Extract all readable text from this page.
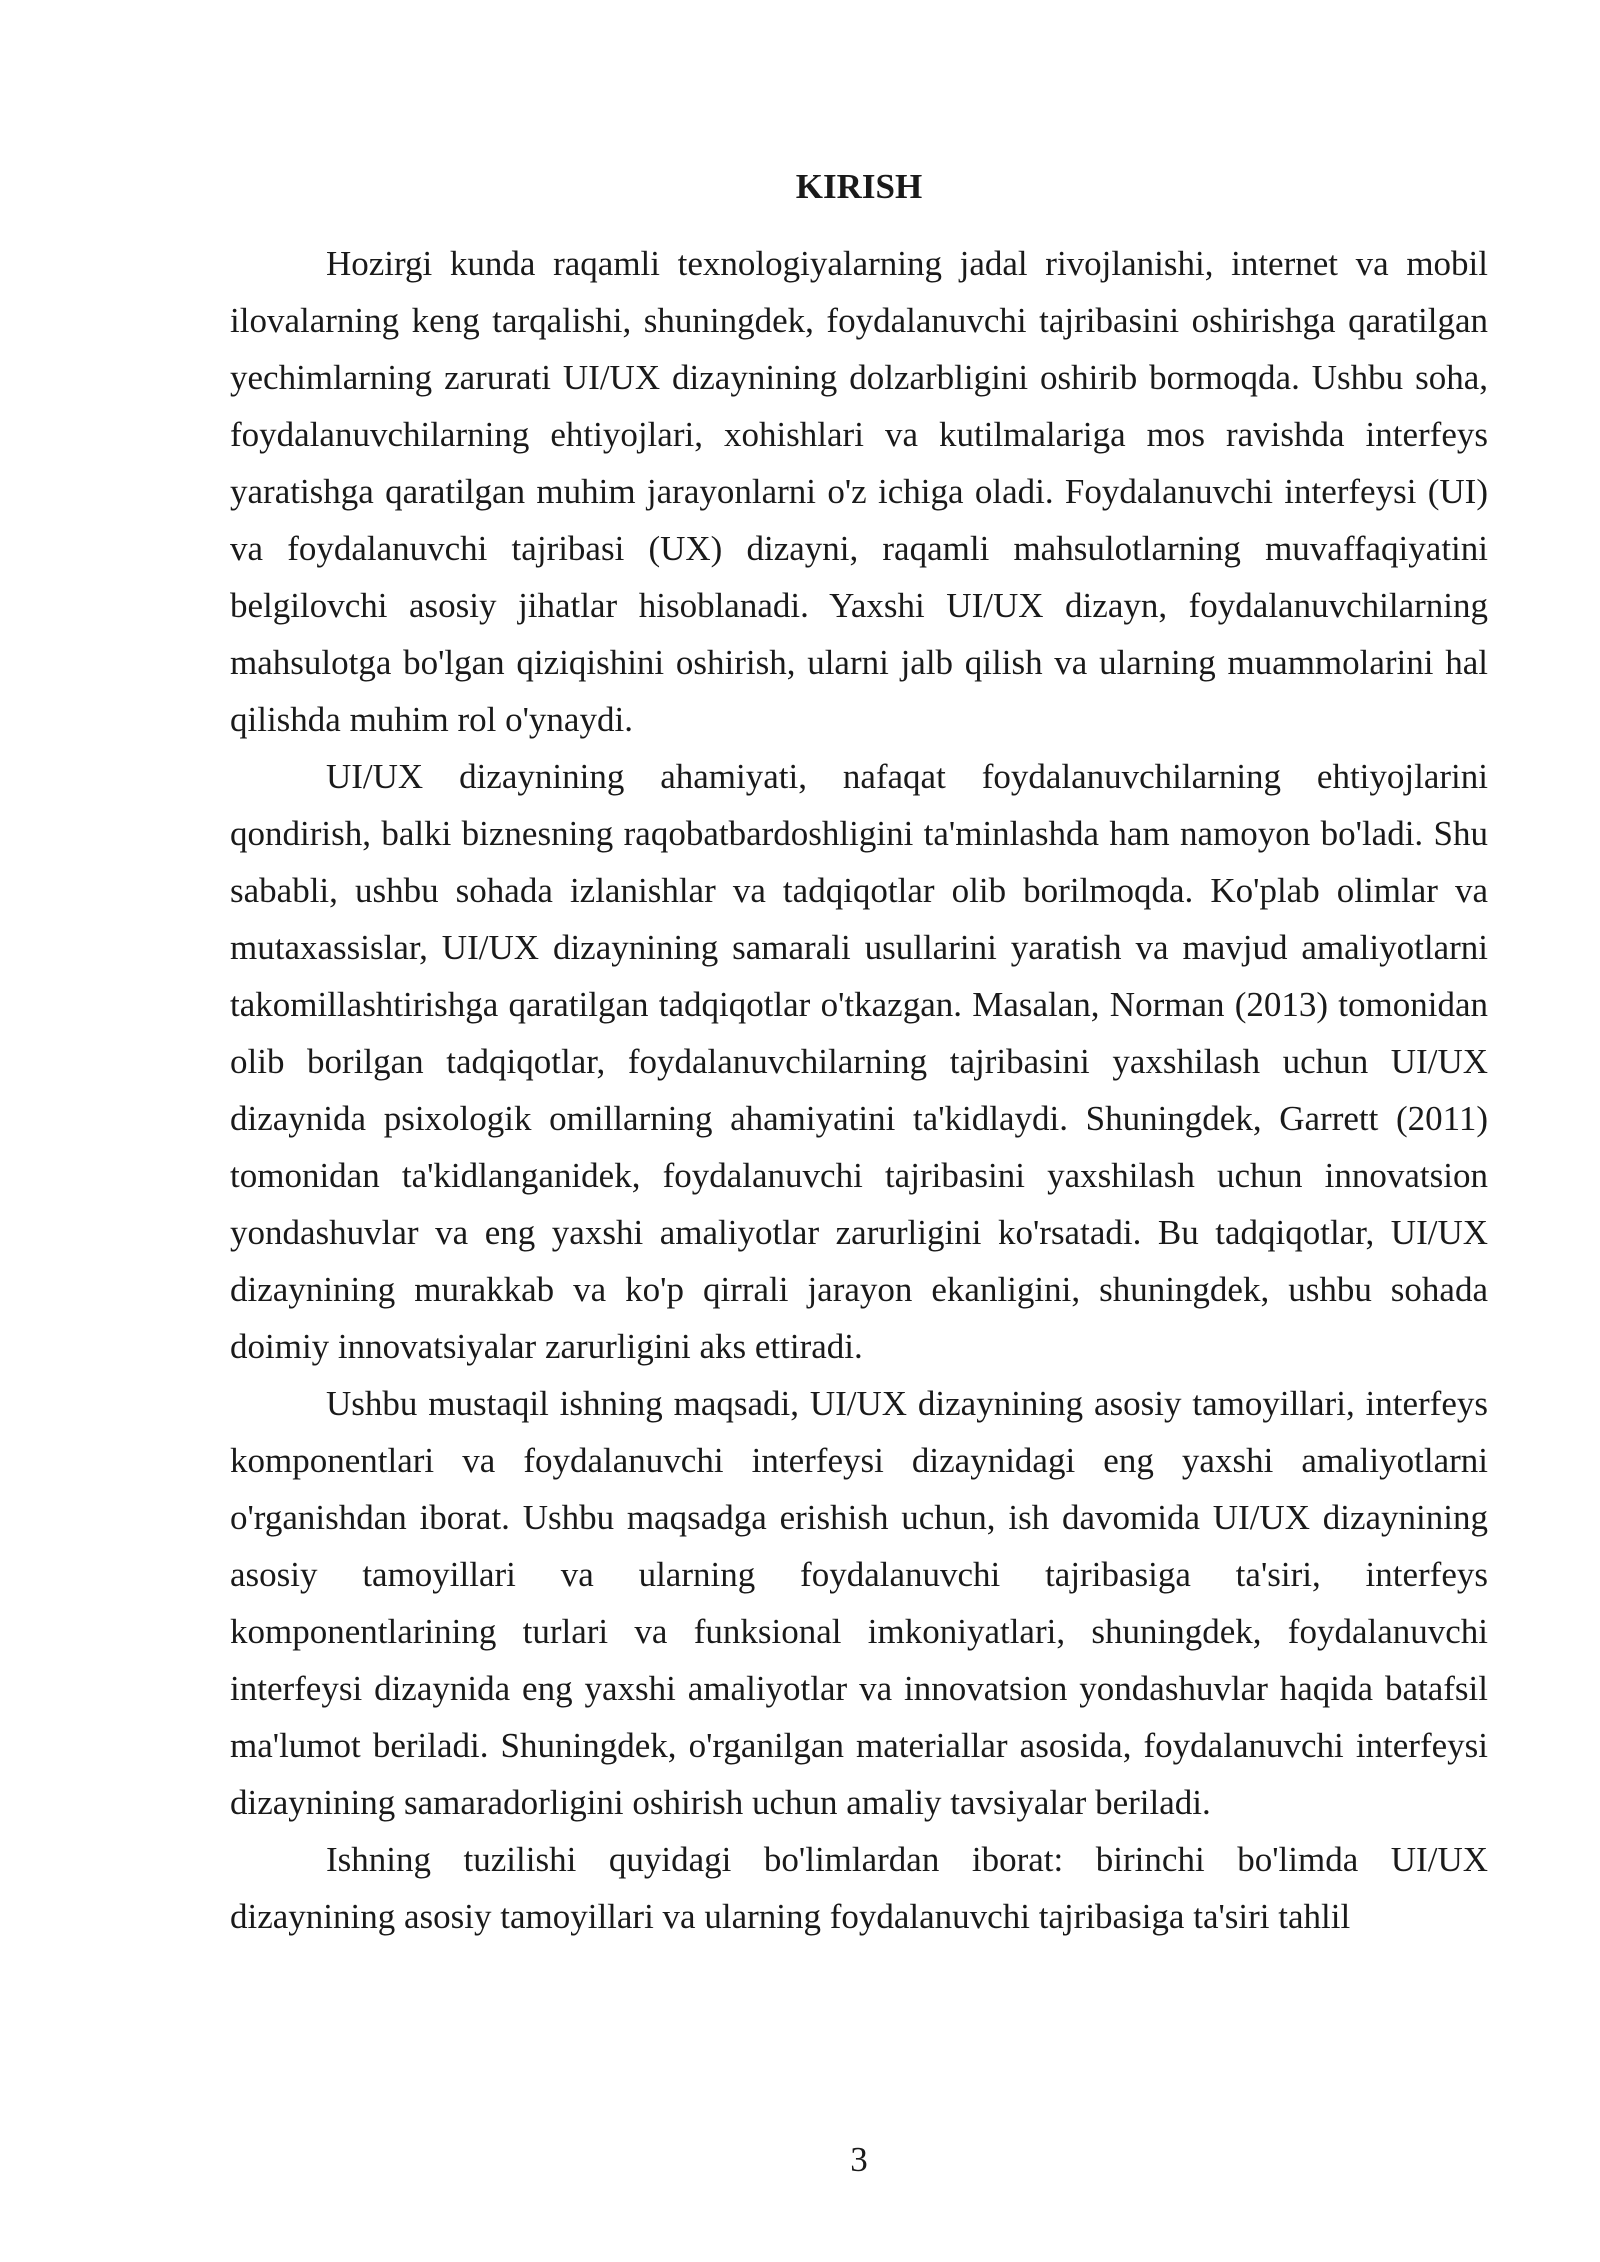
KIRISH

Hozirgi kunda raqamli texnologiyalarning jadal rivojlanishi, internet va mobil ilovalarning keng tarqalishi, shuningdek, foydalanuvchi tajribasini oshirishga qaratilgan yechimlarning zarurati UI/UX dizaynining dolzarbligini oshirib bormoqda. Ushbu soha, foydalanuvchilarning ehtiyojlari, xohishlari va kutilmalariga mos ravishda interfeys yaratishga qaratilgan muhim jarayonlarni o'z ichiga oladi. Foydalanuvchi interfeysi (UI) va foydalanuvchi tajribasi (UX) dizayni, raqamli mahsulotlarning muvaffaqiyatini belgilovchi asosiy jihatlar hisoblanadi. Yaxshi UI/UX dizayn, foydalanuvchilarning mahsulotga bo'lgan qiziqishini oshirish, ularni jalb qilish va ularning muammolarini hal qilishda muhim rol o'ynaydi.

UI/UX dizaynining ahamiyati, nafaqat foydalanuvchilarning ehtiyojlarini qondirish, balki biznesning raqobatbardoshligini ta'minlashda ham namoyon bo'ladi. Shu sababli, ushbu sohada izlanishlar va tadqiqotlar olib borilmoqda. Ko'plab olimlar va mutaxassislar, UI/UX dizaynining samarali usullarini yaratish va mavjud amaliyotlarni takomillashtirishga qaratilgan tadqiqotlar o'tkazgan. Masalan, Norman (2013) tomonidan olib borilgan tadqiqotlar, foydalanuvchilarning tajribasini yaxshilash uchun UI/UX dizaynida psixologik omillarning ahamiyatini ta'kidlaydi. Shuningdek, Garrett (2011) tomonidan ta'kidlanganidek, foydalanuvchi tajribasini yaxshilash uchun innovatsion yondashuvlar va eng yaxshi amaliyotlar zarurligini ko'rsatadi. Bu tadqiqotlar, UI/UX dizaynining murakkab va ko'p qirrali jarayon ekanligini, shuningdek, ushbu sohada doimiy innovatsiyalar zarurligini aks ettiradi.

Ushbu mustaqil ishning maqsadi, UI/UX dizaynining asosiy tamoyillari, interfeys komponentlari va foydalanuvchi interfeysi dizaynidagi eng yaxshi amaliyotlarni o'rganishdan iborat. Ushbu maqsadga erishish uchun, ish davomida UI/UX dizaynining asosiy tamoyillari va ularning foydalanuvchi tajribasiga ta'siri, interfeys komponentlarining turlari va funksional imkoniyatlari, shuningdek, foydalanuvchi interfeysi dizaynida eng yaxshi amaliyotlar va innovatsion yondashuvlar haqida batafsil ma'lumot beriladi. Shuningdek, o'rganilgan materiallar asosida, foydalanuvchi interfeysi dizaynining samaradorligini oshirish uchun amaliy tavsiyalar beriladi.

Ishning tuzilishi quyidagi bo'limlardan iborat: birinchi bo'limda UI/UX dizaynining asosiy tamoyillari va ularning foydalanuvchi tajribasiga ta'siri tahlil

3
